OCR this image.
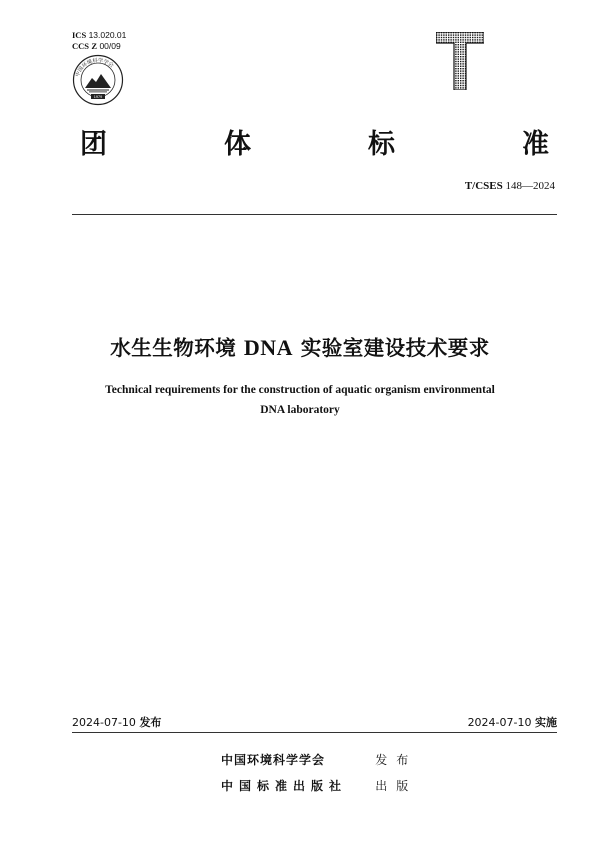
ICS 13.020.01
CCS Z 00/09
中国环境科学学会
1979
团	体	标	准
T/CSES 148—2024
水生生物环境 DNA 实验室建设技术要求
Technical requirements for the construction of aquatic organism environmental
DNA laboratory
2024-07-10 发布	2024-07-10 实施
中国环境科学学会	发布
中国标准出版社 出版
